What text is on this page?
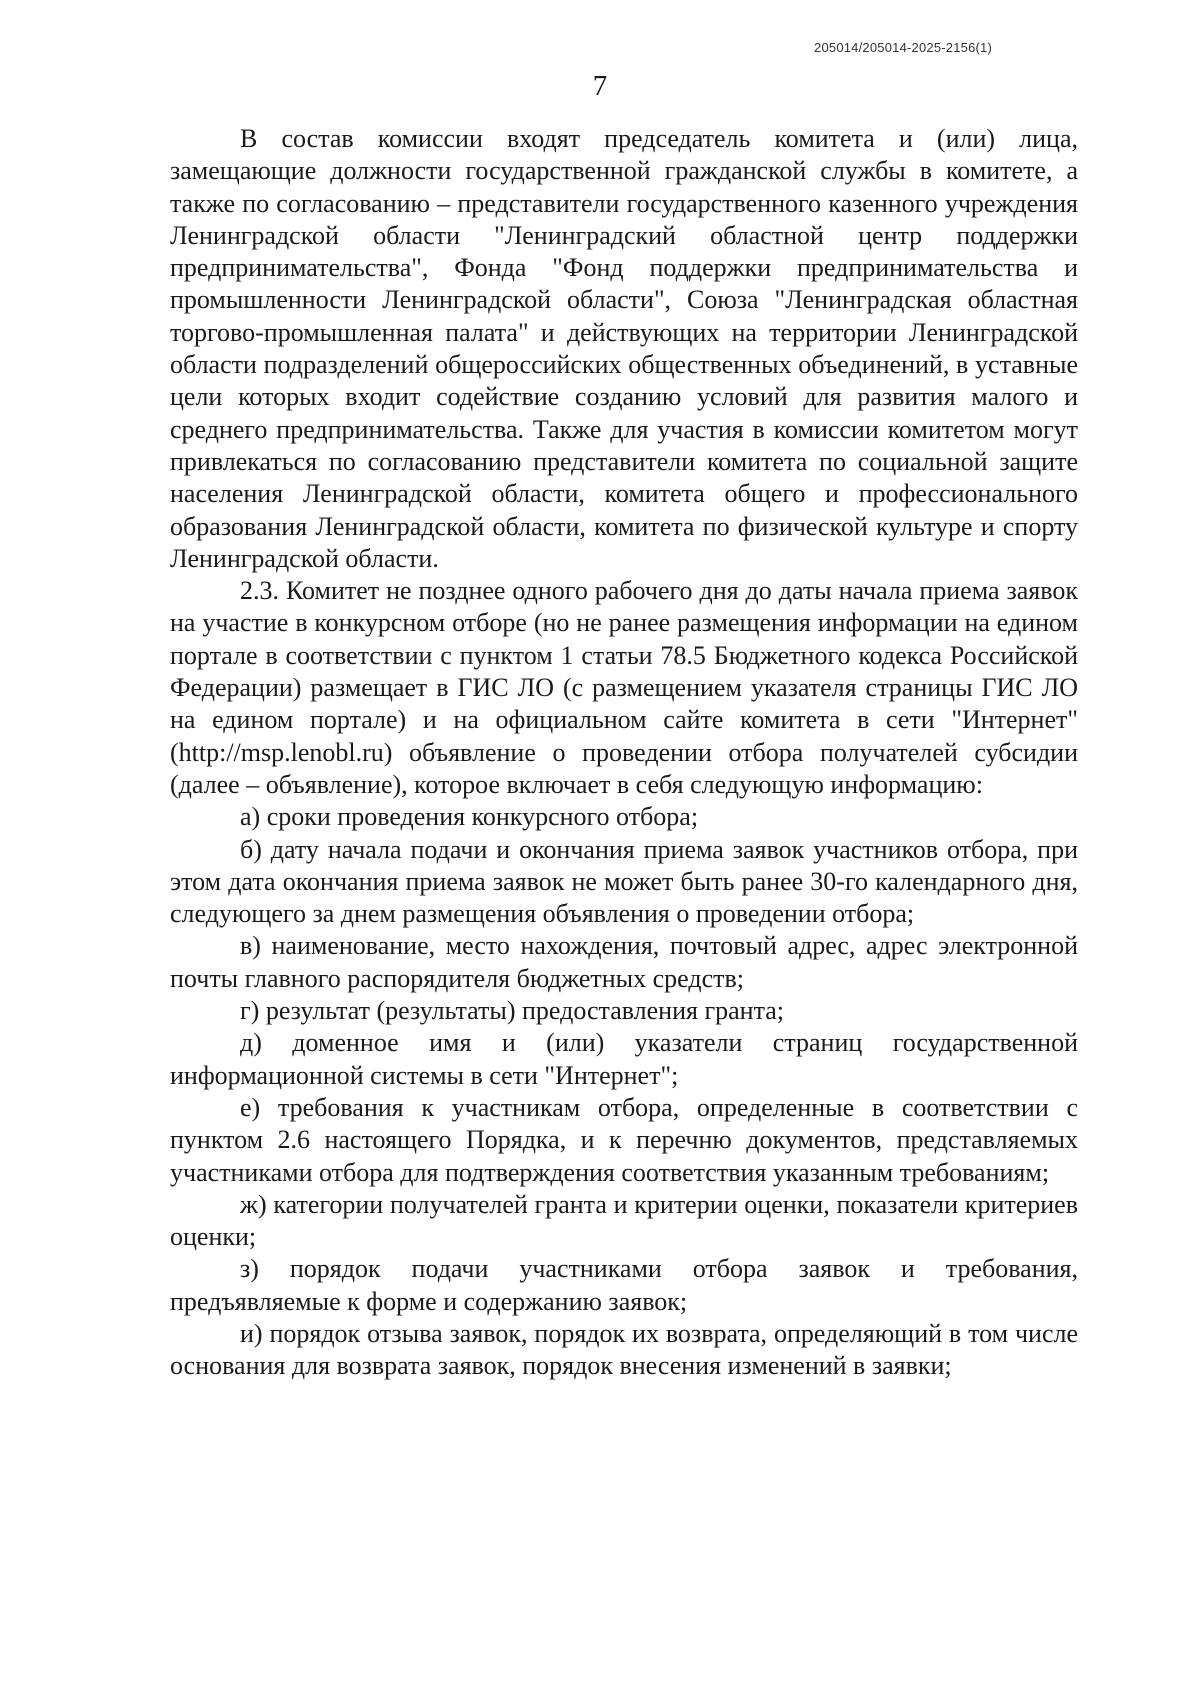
205014/205014-2025-2156(1)
7

В состав комиссии входят председатель комитета и (или) лица, замещающие должности государственной гражданской службы в комитете, а также по согласованию – представители государственного казенного учреждения Ленинградской области "Ленинградский областной центр поддержки предпринимательства", Фонда "Фонд поддержки предпринимательства и промышленности Ленинградской области", Союза "Ленинградская областная торгово-промышленная палата" и действующих на территории Ленинградской области подразделений общероссийских общественных объединений, в уставные цели которых входит содействие созданию условий для развития малого и среднего предпринимательства. Также для участия в комиссии комитетом могут привлекаться по согласованию представители комитета по социальной защите населения Ленинградской области, комитета общего и профессионального образования Ленинградской области, комитета по физической культуре и спорту Ленинградской области.

2.3. Комитет не позднее одного рабочего дня до даты начала приема заявок на участие в конкурсном отборе (но не ранее размещения информации на едином портале в соответствии с пунктом 1 статьи 78.5 Бюджетного кодекса Российской Федерации) размещает в ГИС ЛО (с размещением указателя страницы ГИС ЛО на едином портале) и на официальном сайте комитета в сети "Интернет" (http://msp.lenobl.ru) объявление о проведении отбора получателей субсидии (далее – объявление), которое включает в себя следующую информацию:

а) сроки проведения конкурсного отбора;

б) дату начала подачи и окончания приема заявок участников отбора, при этом дата окончания приема заявок не может быть ранее 30-го календарного дня, следующего за днем размещения объявления о проведении отбора;

в) наименование, место нахождения, почтовый адрес, адрес электронной почты главного распорядителя бюджетных средств;

г) результат (результаты) предоставления гранта;

д) доменное имя и (или) указатели страниц государственной информационной системы в сети "Интернет";

е) требования к участникам отбора, определенные в соответствии с пунктом 2.6 настоящего Порядка, и к перечню документов, представляемых участниками отбора для подтверждения соответствия указанным требованиям;

ж) категории получателей гранта и критерии оценки, показатели критериев оценки;

з) порядок подачи участниками отбора заявок и требования, предъявляемые к форме и содержанию заявок;

и) порядок отзыва заявок, порядок их возврата, определяющий в том числе основания для возврата заявок, порядок внесения изменений в заявки;
